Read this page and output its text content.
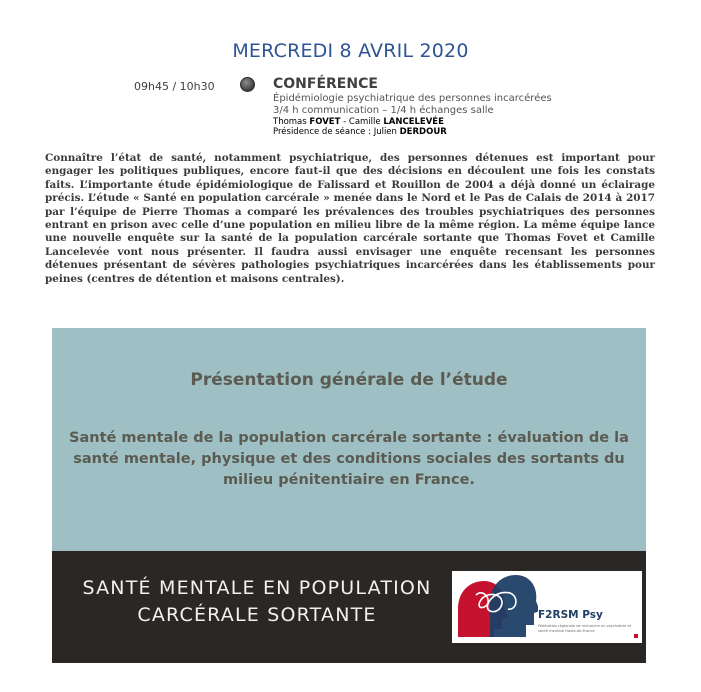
MERCREDI 8 AVRIL 2020
09h45 / 10h30	CONFÉRENCE
Épidémiologie psychiatrique des personnes incarcérées
3/4 h communication – 1/4 h échanges salle
Thomas FOVET - Camille LANCELEVÉE
Présidence de séance : Julien DERDOUR

Connaître l’état de santé, notamment psychiatrique, des personnes détenues est important pour engager les politiques publiques, encore faut-il que des décisions en découlent une fois les constats faits. L’importante étude épidémiologique de Falissard et Rouillon de 2004 a déjà donné un éclairage précis. L’étude « Santé en population carcérale » menée dans le Nord et le Pas de Calais de 2014 à 2017 par l’équipe de Pierre Thomas a comparé les prévalences des troubles psychiatriques des personnes entrant en prison avec celle d’une population en milieu libre de la même région. La même équipe lance une nouvelle enquête sur la santé de la population carcérale sortante que Thomas Fovet et Camille Lancelevée vont nous présenter. Il faudra aussi envisager une enquête recensant les personnes détenues présentant de sévères pathologies psychiatriques incarcérées dans les établissements pour peines (centres de détention et maisons centrales).

Présentation générale de l’étude

Santé mentale de la population carcérale sortante : évaluation de la santé mentale, physique et des conditions sociales des sortants du milieu pénitentiaire en France.

SANTÉ MENTALE EN POPULATION
CARCÉRALE SORTANTE	F2RSM Psy
Fédération régionale de recherche en psychiatrie et santé mentale Hauts-de-France
